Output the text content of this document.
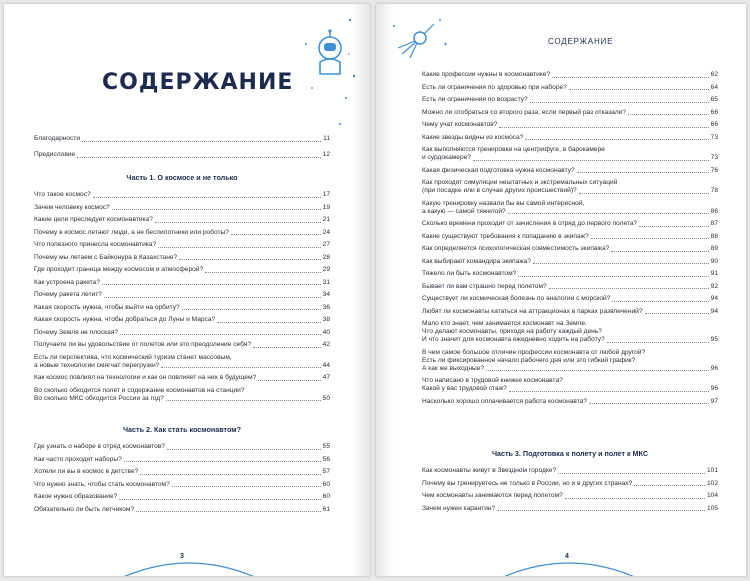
СОДЕРЖАНИЕ
Благодарности	11
Предисловие	12
Часть 1. О космосе и не только
Что такое космос?	17
Зачем человеку космос?	19
Какие цели преследует космонавтика?	21
Почему в космос летают люди, а не беспилотники или роботы?	24
Что полезного принесла космонавтика?	27
Почему мы летаем с Байконура в Казахстане?	28
Где проходит граница между космосом и атмосферой?	29
Как устроена ракета?	31
Почему ракета летит?	34
Какая скорость нужна, чтобы выйти на орбиту?	36
Какая скорость нужна, чтобы добраться до Луны и Марса?	38
Почему Земля не плоская?	40
Получаете ли вы удовольствие от полетов или это преодоление себя?	42
Есть ли перспектива, что космический туризм станет массовым,
а новые технологии смягчат перегрузки?	44
Как космос повлиял на технологии и как он повлияет на них в будущем?	47
Во сколько обходится полет и содержание космонавтов на станции?
Во сколько МКС обходится России за год?	50
Часть 2. Как стать космонавтом?
Где узнать о наборе в отряд космонавтов?	55
Как часто проходят наборы?	56
Хотели ли вы в космос в детстве?	57
Что нужно знать, чтобы стать космонавтом?	60
Какое нужно образование?	60
Обязательно ли быть летчиком?	61
3
СОДЕРЖАНИЕ
Какие профессии нужны в космонавтике?	62
Есть ли ограничения по здоровью при наборе?	64
Есть ли ограничения по возрасту?	65
Можно ли отобраться со второго раза, если первый раз отказали?	66
Чему учат космонавтов?	66
Какие звезды видны из космоса?	73
Как выполняются тренировки на центрифуге, в барокамере
и сурдокамере?	73
Какая физическая подготовка нужна космонавту?	76
Как проходят симуляции нештатных и экстремальных ситуаций
(при посадке или в случае других происшествий)?	78
Какую тренировку назвали бы вы самой интересной,
а какую — самой тяжелой?	86
Сколько времени проходит от зачисления в отряд до первого полета?	87
Какие существуют требования к попаданию в экипаж?	88
Как определяется психологическая совместимость экипажа?	89
Как выбирают командира экипажа?	90
Тяжело ли быть космонавтом?	91
Бывает ли вам страшно перед полетом?	92
Существует ли космическая болезнь по аналогии с морской?	94
Любят ли космонавты кататься на аттракционах в парках развлечений?	94
Мало кто знает, чем занимается космонавт на Земле.
Что делают космонавты, приходя на работу каждый день?
И что значит для космонавта ежедневно ходить на работу?	95
В чем самое большое отличие профессии космонавта от любой другой?
Есть ли фиксированное начало рабочего дня или это гибкий график?
А как же выходные?	96
Что написано в трудовой книжке космонавта?
Какой у вас трудовой стаж?	96
Насколько хорошо оплачивается работа космонавта?	97
Часть 3. Подготовка к полету и полет к МКС
Как космонавты живут в Звездном городке?	101
Почему вы тренируетесь не только в России, но и в других странах?	102
Чем космонавты занимаются перед полетом?	104
Зачем нужен карантин?	105
4
